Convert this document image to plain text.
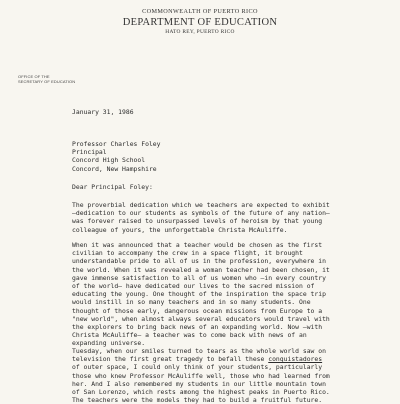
COMMONWEALTH OF PUERTO RICO
DEPARTMENT OF EDUCATION
HATO REY, PUERTO RICO
OFFICE OF THE
SECRETARY OF EDUCATION
January 31, 1986
Professor Charles Foley
Principal
Concord High School
Concord, New Hampshire
Dear Principal Foley:
The proverbial dedication which we teachers are expected to exhibit
—dedication to our students as symbols of the future of any nation—
was forever raised to unsurpassed levels of heroism by that young
colleague of yours, the unforgettable Christa McAuliffe.
When it was announced that a teacher would be chosen as the first
civilian to accompany the crew in a space flight, it brought
understandable pride to all of us in the profession, everywhere in
the world. When it was revealed a woman teacher had been chosen, it
gave immense satisfaction to all of us women who —in every country
of the world— have dedicated our lives to the sacred mission of
educating the young. One thought of the inspiration the space trip
would instill in so many teachers and in so many students. One
thought of those early, dangerous ocean missions from Europe to a
"new world", when almost always several educators would travel with
the explorers to bring back news of an expanding world. Now —with
Christa McAuliffe— a teacher was to come back with news of an
expanding universe.
Tuesday, when our smiles turned to tears as the whole world saw on
television the first great tragedy to befall these conquistadores
of outer space, I could only think of your students, particularly
those who knew Professor McAuliffe well, those who had learned from
her. And I also remembered my students in our little mountain town
of San Lorenzo, which rests among the highest peaks in Puerto Rico.
The teachers were the models they had to build a fruitful future.
